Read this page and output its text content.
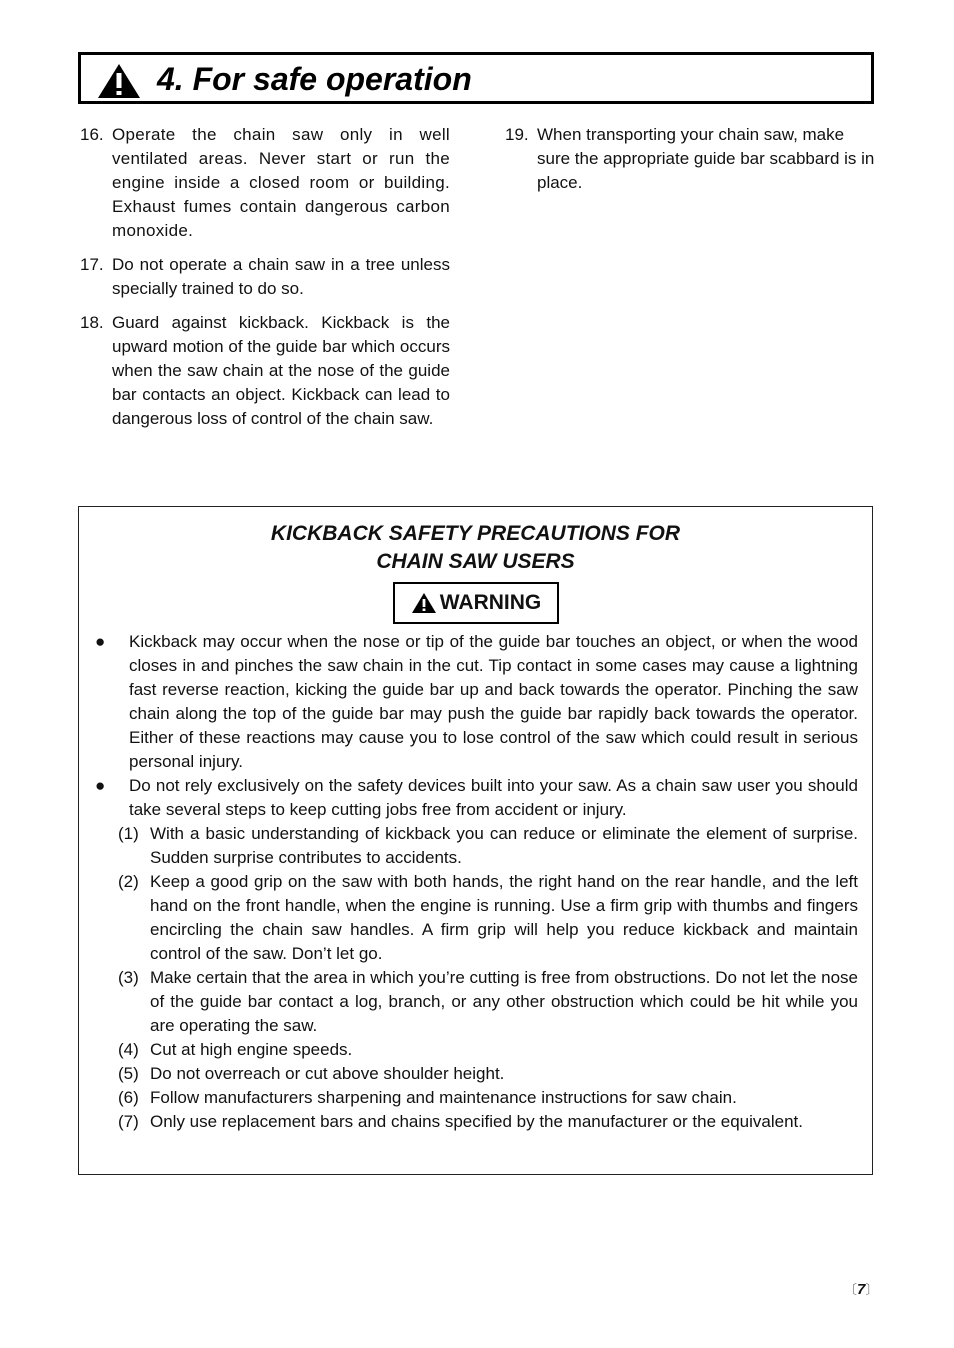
4. For safe operation
16. Operate the chain saw only in well ventilated areas. Never start or run the engine inside a closed room or building. Exhaust fumes contain dangerous carbon monoxide.
17. Do not operate a chain saw in a tree unless specially trained to do so.
18. Guard against kickback. Kickback is the upward motion of the guide bar which occurs when the saw chain at the nose of the guide bar contacts an object. Kickback can lead to dangerous loss of control of the chain saw.
19. When transporting your chain saw, make sure the appropriate guide bar scabbard is in place.
KICKBACK SAFETY PRECAUTIONS FOR
CHAIN SAW USERS
WARNING
●	Kickback may occur when the nose or tip of the guide bar touches an object, or when the wood closes in and pinches the saw chain in the cut. Tip contact in some cases may cause a lightning fast reverse reaction, kicking the guide bar up and back towards the operator. Pinching the saw chain along the top of the guide bar may push the guide bar rapidly back towards the operator. Either of these reactions may cause you to lose control of the saw which could result in serious personal injury.
●	Do not rely exclusively on the safety devices built into your saw. As a chain saw user you should take several steps to keep cutting jobs free from accident or injury.
(1) With a basic understanding of kickback you can reduce or eliminate the element of surprise. Sudden surprise contributes to accidents.
(2) Keep a good grip on the saw with both hands, the right hand on the rear handle, and the left hand on the front handle, when the engine is running. Use a firm grip with thumbs and fingers encircling the chain saw handles. A firm grip will help you reduce kickback and maintain control of the saw. Don’t let go.
(3) Make certain that the area in which you’re cutting is free from obstructions. Do not let the nose of the guide bar contact a log, branch, or any other obstruction which could be hit while you are operating the saw.
(4) Cut at high engine speeds.
(5) Do not overreach or cut above shoulder height.
(6) Follow manufacturers sharpening and maintenance instructions for saw chain.
(7) Only use replacement bars and chains specified by the manufacturer or the equivalent.
〔7〕
